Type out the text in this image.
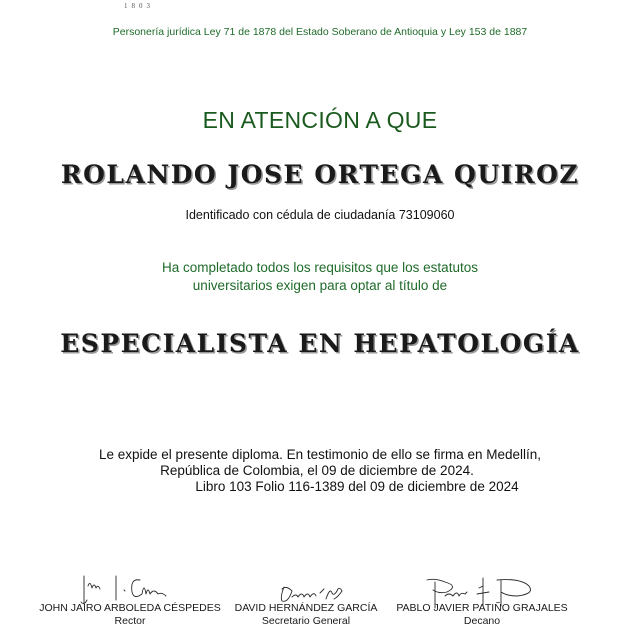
1803
Personería jurídica Ley 71 de 1878 del Estado Soberano de Antioquia y Ley 153 de 1887
EN ATENCIÓN A QUE
ROLANDO JOSE ORTEGA QUIROZ
Identificado con cédula de ciudadanía 73109060
Ha completado todos los requisitos que los estatutos
universitarios exigen para optar al título de
ESPECIALISTA EN HEPATOLOGÍA
Le expide el presente diploma. En testimonio de ello se firma en Medellín,
República de Colombia, el 09 de diciembre de 2024.
Libro 103 Folio 116-1389 del 09 de diciembre de 2024
JOHN JAIRO ARBOLEDA CÉSPEDES
Rector
DAVID HERNÁNDEZ GARCÍA
Secretario General
PABLO JAVIER PATIÑO GRAJALES
Decano
